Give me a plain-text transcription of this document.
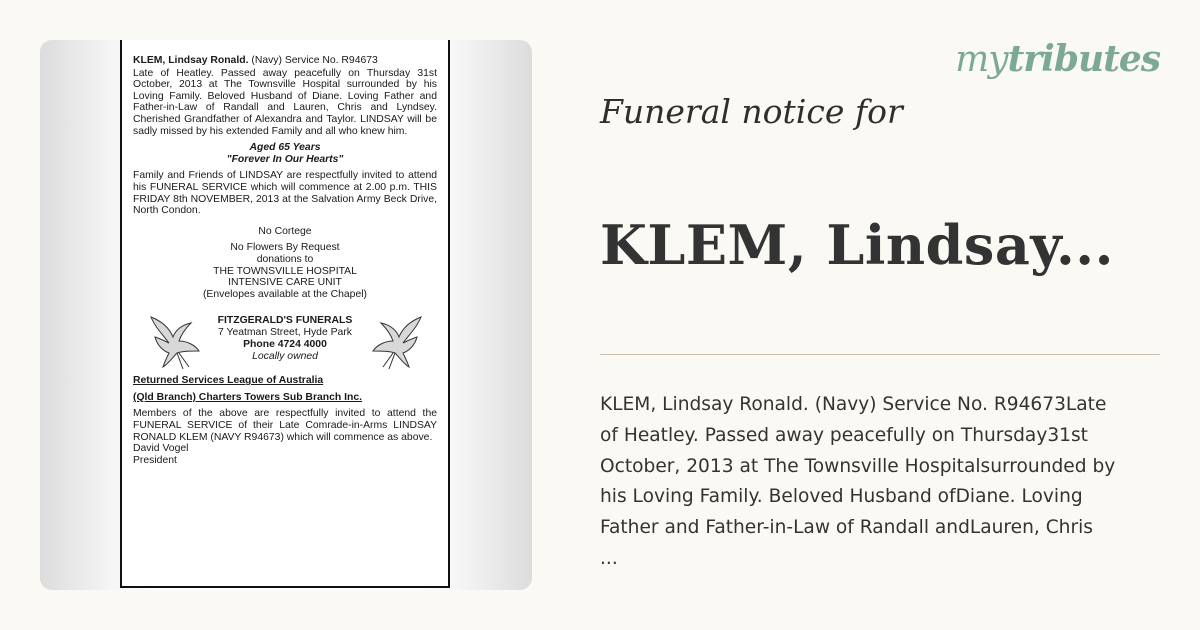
KLEM, Lindsay Ronald. (Navy) Service No. R94673

Late of Heatley. Passed away peacefully on Thursday 31st October, 2013 at The Townsville Hospital surrounded by his Loving Family. Beloved Husband of Diane. Loving Father and Father-in-Law of Randall and Lauren, Chris and Lyndsey. Cherished Grandfather of Alexandra and Taylor. LINDSAY will be sadly missed by his extended Family and all who knew him.

Aged 65 Years

"Forever In Our Hearts"

Family and Friends of LINDSAY are respectfully invited to attend his FUNERAL SERVICE which will commence at 2.00 p.m. THIS FRIDAY 8th NOVEMBER, 2013 at the Salvation Army Beck Drive, North Condon.

No Cortege

No Flowers By Request

donations to

THE TOWNSVILLE HOSPITAL

INTENSIVE CARE UNIT

(Envelopes available at the Chapel)

FITZGERALD'S FUNERALS
7 Yeatman Street, Hyde Park
Phone 4724 4000
Locally owned

Returned Services League of Australia

(Qld Branch) Charters Towers Sub Branch Inc.

Members of the above are respectfully invited to attend the FUNERAL SERVICE of their Late Comrade-in-Arms LINDSAY RONALD KLEM (NAVY R94673) which will commence as above.

David Vogel

President

mytributes
Funeral notice for
KLEM, Lindsay...
KLEM, Lindsay Ronald. (Navy) Service No. R94673Late
of Heatley. Passed away peacefully on Thursday31st
October, 2013 at The Townsville Hospitalsurrounded by
his Loving Family. Beloved Husband ofDiane. Loving
Father and Father-in-Law of Randall andLauren, Chris
...
